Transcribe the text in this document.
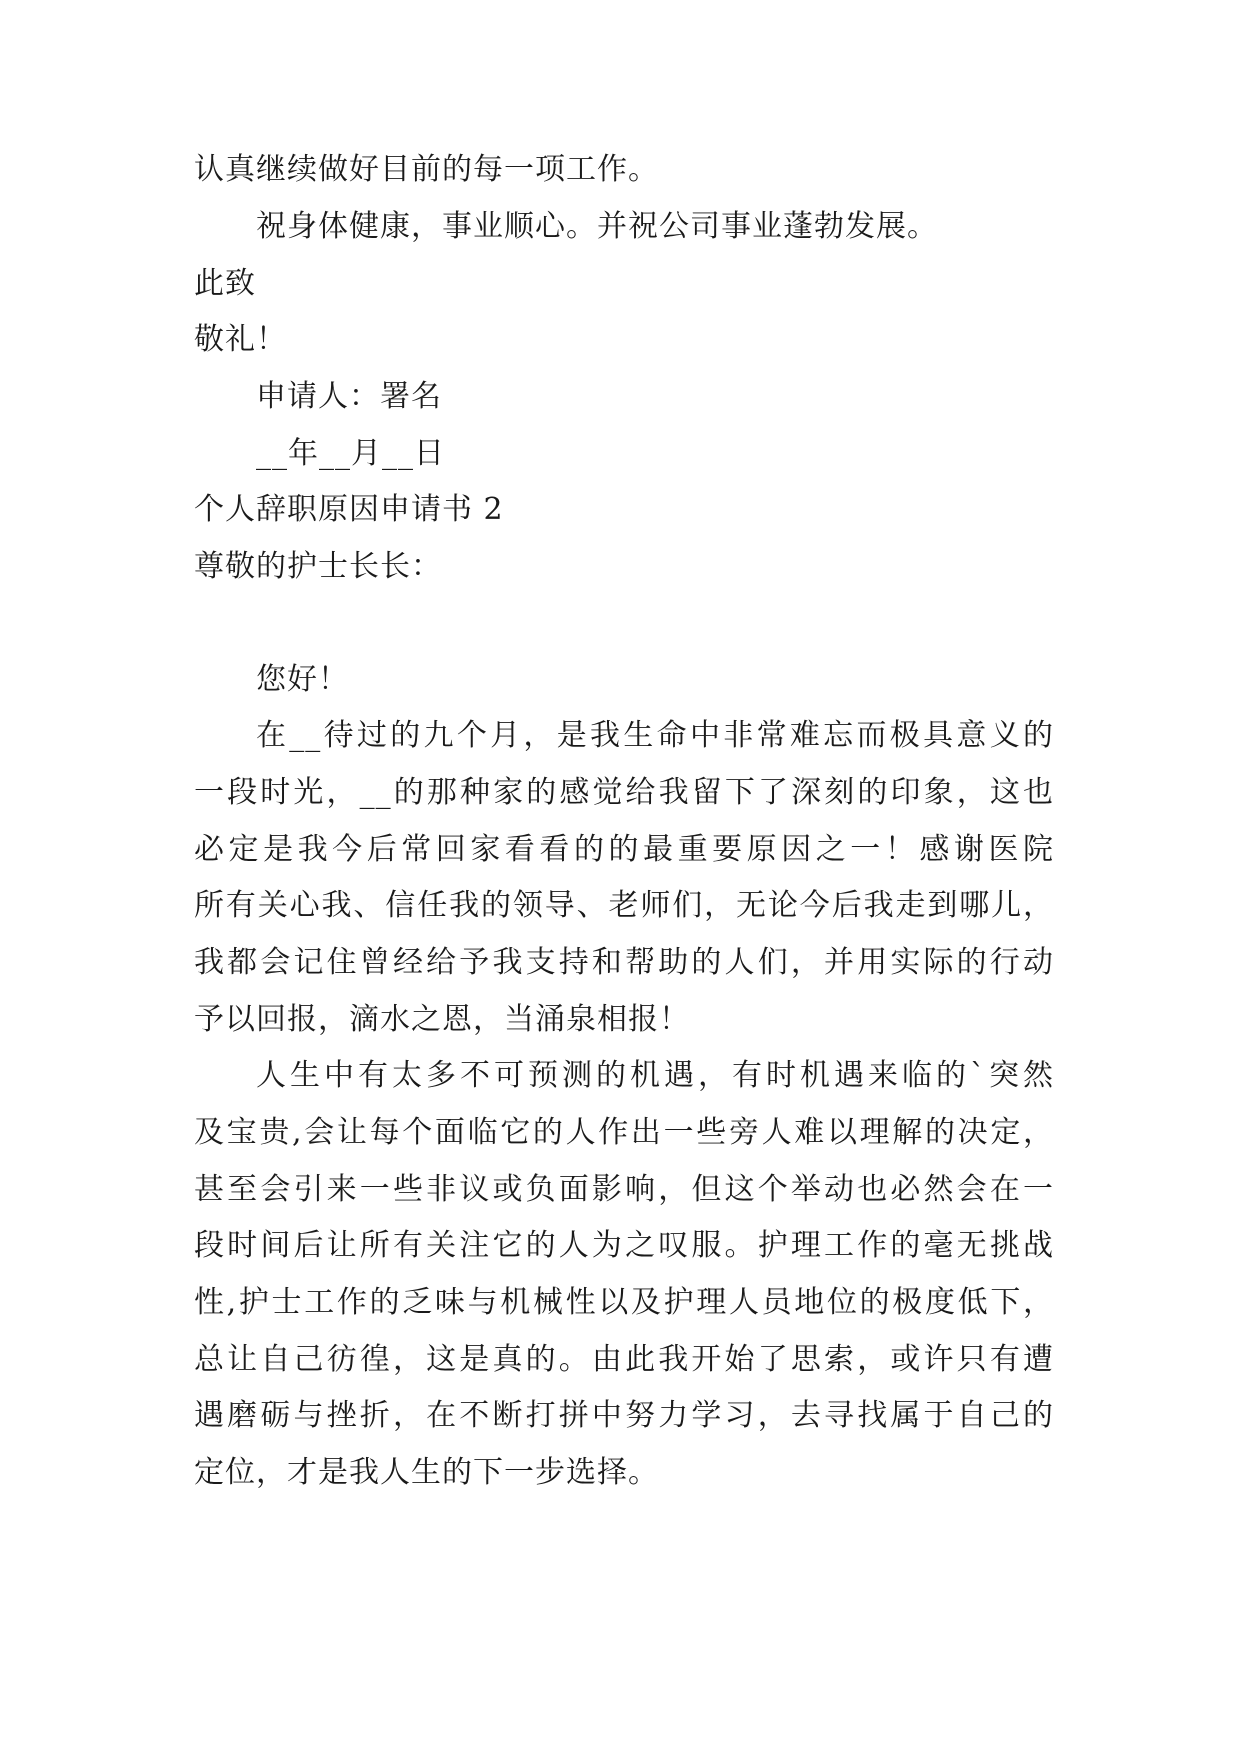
认真继续做好目前的每一项工作。
祝身体健康，事业顺心。并祝公司事业蓬勃发展。
此致
敬礼！
申请人：署名
__年__月__日
个人辞职原因申请书 2
尊敬的护士长长：
您好！
在__待过的九个月，是我生命中非常难忘而极具意义的
一段时光，__的那种家的感觉给我留下了深刻的印象，这也
必定是我今后常回家看看的的最重要原因之一！感谢医院
所有关心我、信任我的领导、老师们，无论今后我走到哪儿，
我都会记住曾经给予我支持和帮助的人们，并用实际的行动
予以回报，滴水之恩，当涌泉相报！
人生中有太多不可预测的机遇，有时机遇来临的`突然
及宝贵,会让每个面临它的人作出一些旁人难以理解的决定，
甚至会引来一些非议或负面影响，但这个举动也必然会在一
段时间后让所有关注它的人为之叹服。护理工作的毫无挑战
性,护士工作的乏味与机械性以及护理人员地位的极度低下，
总让自己彷徨，这是真的。由此我开始了思索，或许只有遭
遇磨砺与挫折，在不断打拼中努力学习，去寻找属于自己的
定位，才是我人生的下一步选择。
